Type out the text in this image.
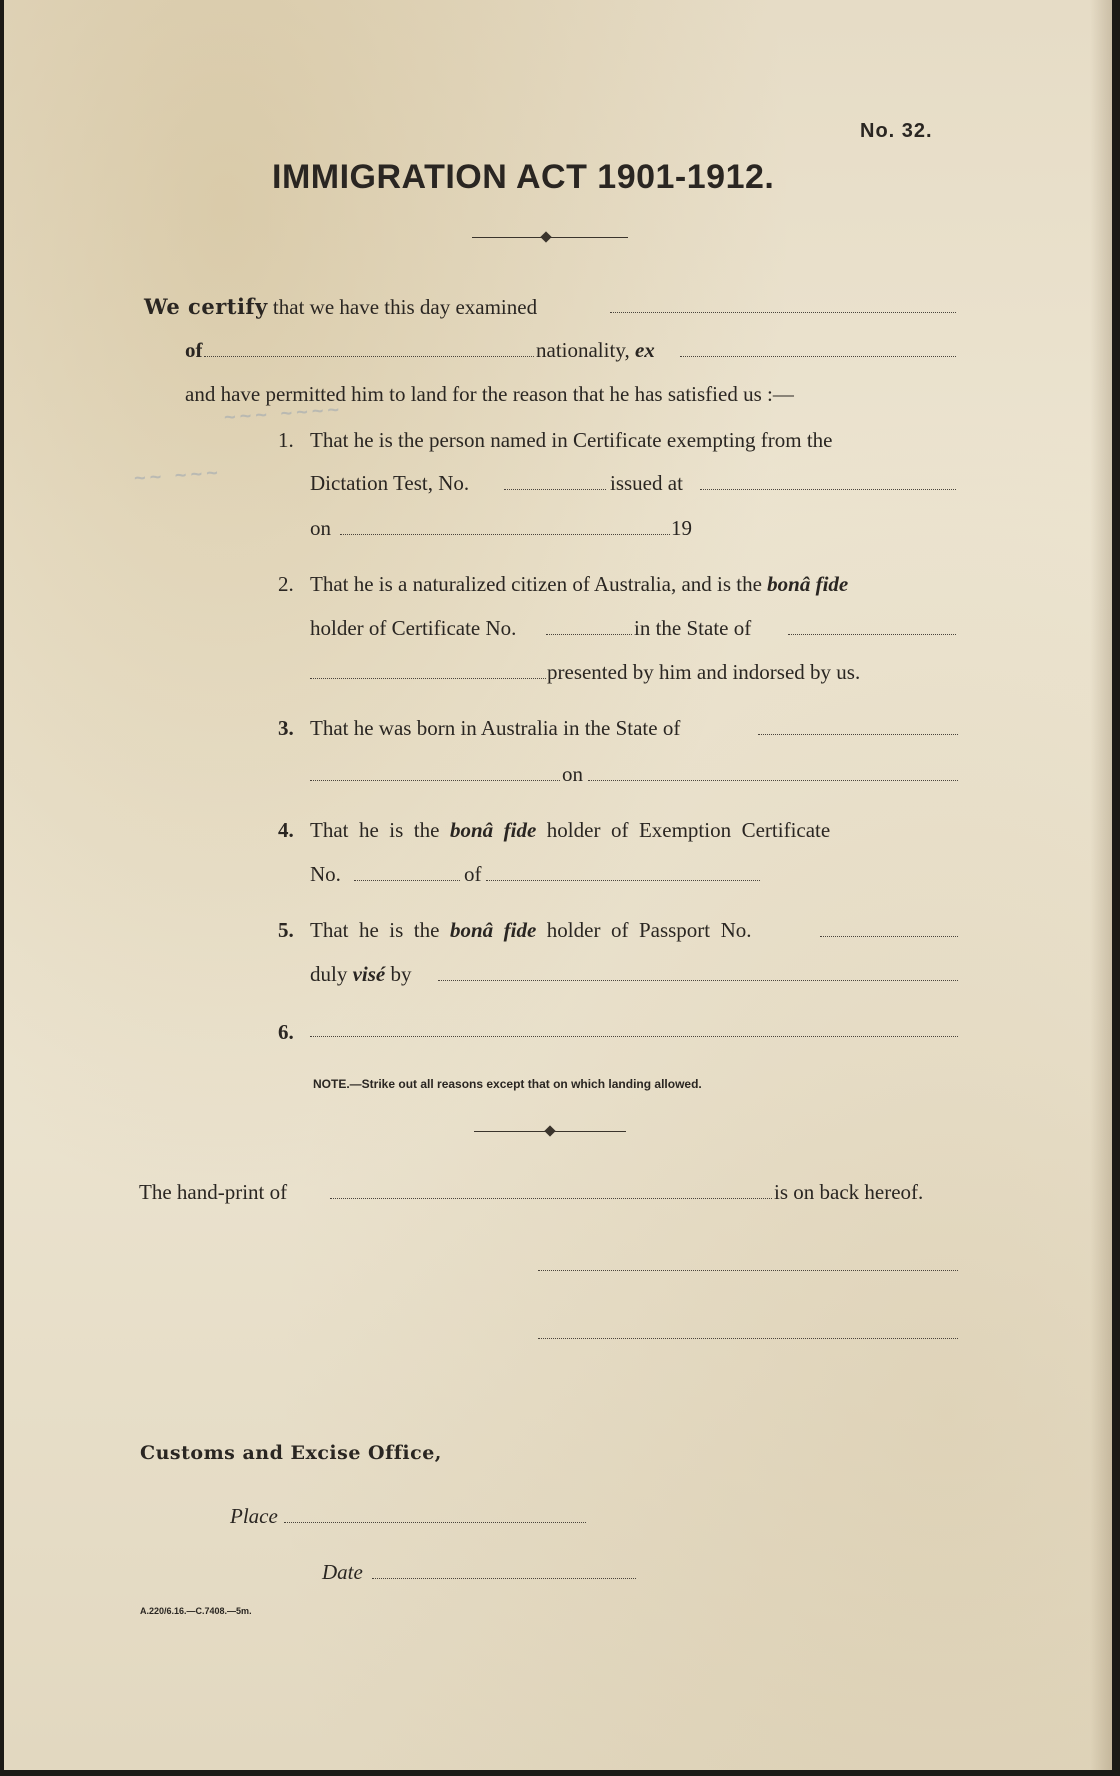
No. 32.
IMMIGRATION ACT 1901-1912.
We certify that we have this day examined
of	nationality, ex
and have permitted him to land for the reason that he has satisfied us :—
~~~ ~~~~
~~ ~~~
1. That he is the person named in Certificate exempting from the
Dictation Test, No.	issued at
on	19
2. That he is a naturalized citizen of Australia, and is the bonâ fide
holder of Certificate No.	in the State of
presented by him and indorsed by us.
3. That he was born in Australia in the State of
on
4. That  he  is  the bonâ  fide holder  of  Exemption  Certificate
No.	of
5. That  he  is  the bonâ  fide holder  of  Passport  No.
duly visé by
6.
NOTE.—Strike out all reasons except that on which landing allowed.
The hand-print of	is on back hereof.
Customs and Excise Office,
Place
Date
A.220/6.16.—C.7408.—5m.
